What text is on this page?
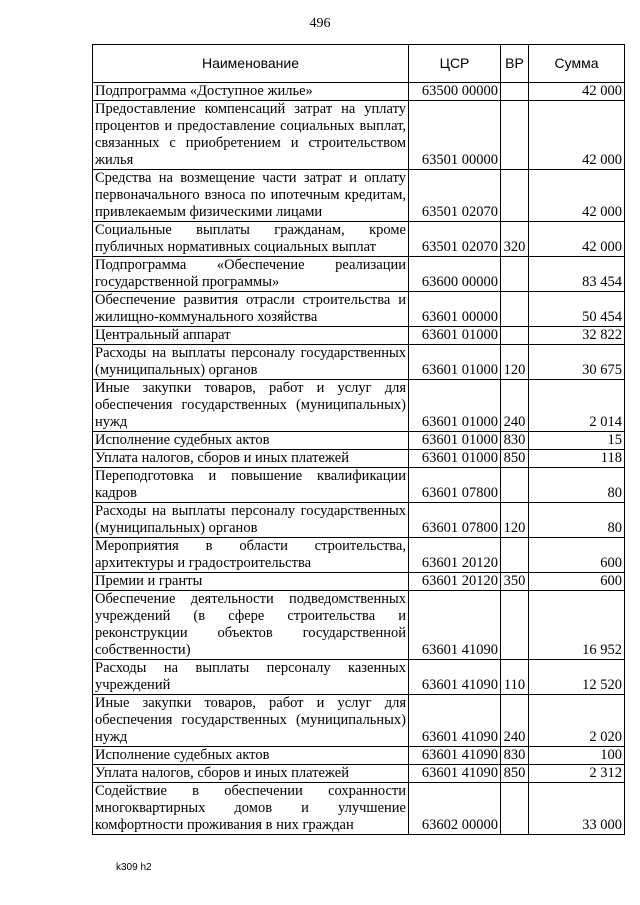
496
Наименование	ЦСР	ВР	Сумма
Подпрограмма «Доступное жилье»	63500 00000		42 000
Предоставление компенсаций затрат на уплату процентов и предоставление социальных выплат, связанных с приобретением и строительством жилья	63501 00000		42 000
Средства на возмещение части затрат и оплату первоначального взноса по ипотечным кредитам, привлекаемым физическими лицами	63501 02070		42 000
Социальные выплаты гражданам, кроме публичных нормативных социальных выплат	63501 02070	320	42 000
Подпрограмма «Обеспечение реализации государственной программы»	63600 00000		83 454
Обеспечение развития отрасли строительства и жилищно-коммунального хозяйства	63601 00000		50 454
Центральный аппарат	63601 01000		32 822
Расходы на выплаты персоналу государственных (муниципальных) органов	63601 01000	120	30 675
Иные закупки товаров, работ и услуг для обеспечения государственных (муниципальных) нужд	63601 01000	240	2 014
Исполнение судебных актов	63601 01000	830	15
Уплата налогов, сборов и иных платежей	63601 01000	850	118
Переподготовка и повышение квалификации кадров	63601 07800		80
Расходы на выплаты персоналу государственных (муниципальных) органов	63601 07800	120	80
Мероприятия в области строительства, архитектуры и градостроительства	63601 20120		600
Премии и гранты	63601 20120	350	600
Обеспечение деятельности подведомственных учреждений (в сфере строительства и реконструкции объектов государственной собственности)	63601 41090		16 952
Расходы на выплаты персоналу казенных учреждений	63601 41090	110	12 520
Иные закупки товаров, работ и услуг для обеспечения государственных (муниципальных) нужд	63601 41090	240	2 020
Исполнение судебных актов	63601 41090	830	100
Уплата налогов, сборов и иных платежей	63601 41090	850	2 312
Содействие в обеспечении сохранности многоквартирных домов и улучшение комфортности проживания в них граждан	63602 00000		33 000
k309 h2
